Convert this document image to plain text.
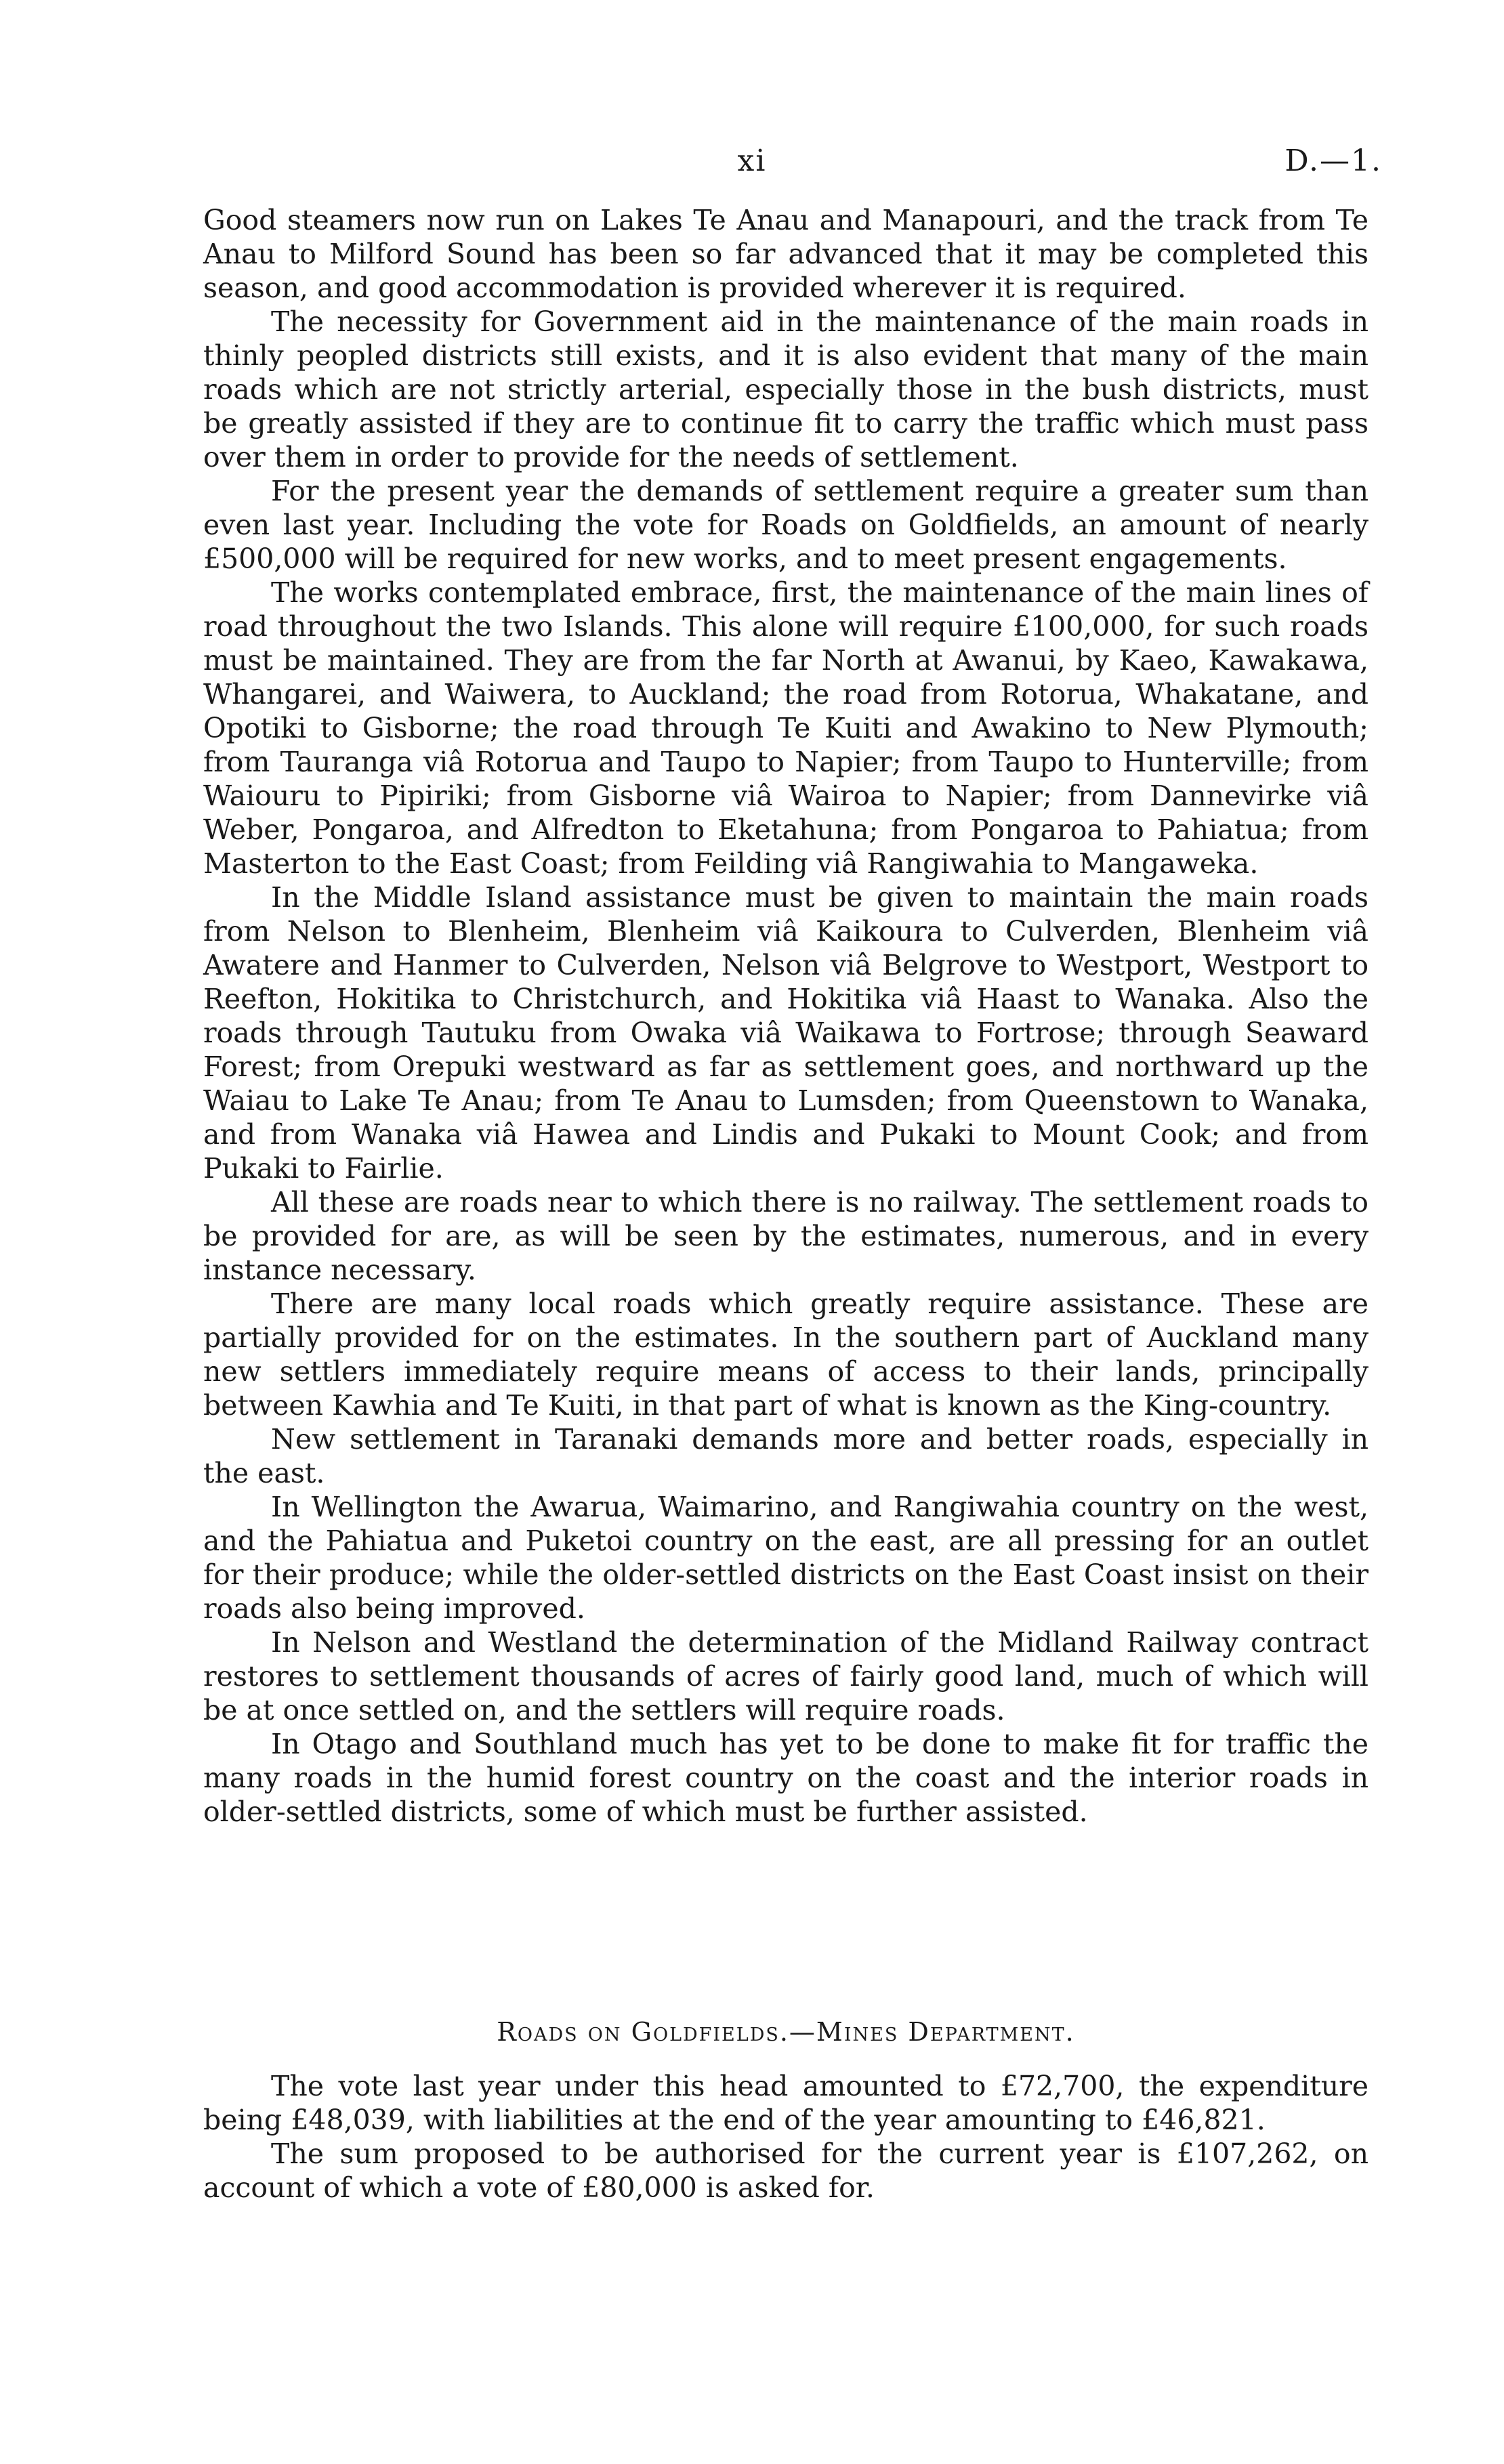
xi	D.—1.

Good steamers now run on Lakes Te Anau and Manapouri, and the track from Te Anau to Milford Sound has been so far advanced that it may be completed this season, and good accommodation is provided wherever it is required.

The necessity for Government aid in the maintenance of the main roads in thinly peopled districts still exists, and it is also evident that many of the main roads which are not strictly arterial, especially those in the bush districts, must be greatly assisted if they are to continue fit to carry the traffic which must pass over them in order to provide for the needs of settlement.

For the present year the demands of settlement require a greater sum than even last year. Including the vote for Roads on Goldfields, an amount of nearly £500,000 will be required for new works, and to meet present engagements.

The works contemplated embrace, first, the maintenance of the main lines of road throughout the two Islands. This alone will require £100,000, for such roads must be maintained. They are from the far North at Awanui, by Kaeo, Kawakawa, Whangarei, and Waiwera, to Auckland; the road from Rotorua, Whakatane, and Opotiki to Gisborne; the road through Te Kuiti and Awakino to New Plymouth; from Tauranga viâ Rotorua and Taupo to Napier; from Taupo to Hunterville; from Waiouru to Pipiriki; from Gisborne viâ Wairoa to Napier; from Dannevirke viâ Weber, Pongaroa, and Alfredton to Eketahuna; from Pongaroa to Pahiatua; from Masterton to the East Coast; from Feilding viâ Rangiwahia to Mangaweka.

In the Middle Island assistance must be given to maintain the main roads from Nelson to Blenheim, Blenheim viâ Kaikoura to Culverden, Blenheim viâ Awatere and Hanmer to Culverden, Nelson viâ Belgrove to Westport, Westport to Reefton, Hokitika to Christchurch, and Hokitika viâ Haast to Wanaka. Also the roads through Tautuku from Owaka viâ Waikawa to Fortrose; through Seaward Forest; from Orepuki westward as far as settlement goes, and northward up the Waiau to Lake Te Anau; from Te Anau to Lumsden; from Queenstown to Wanaka, and from Wanaka viâ Hawea and Lindis and Pukaki to Mount Cook; and from Pukaki to Fairlie.

All these are roads near to which there is no railway. The settlement roads to be provided for are, as will be seen by the estimates, numerous, and in every instance necessary.

There are many local roads which greatly require assistance. These are partially provided for on the estimates. In the southern part of Auckland many new settlers immediately require means of access to their lands, principally between Kawhia and Te Kuiti, in that part of what is known as the King-country.

New settlement in Taranaki demands more and better roads, especially in the east.

In Wellington the Awarua, Waimarino, and Rangiwahia country on the west, and the Pahiatua and Puketoi country on the east, are all pressing for an outlet for their produce; while the older-settled districts on the East Coast insist on their roads also being improved.

In Nelson and Westland the determination of the Midland Railway contract restores to settlement thousands of acres of fairly good land, much of which will be at once settled on, and the settlers will require roads.

In Otago and Southland much has yet to be done to make fit for traffic the many roads in the humid forest country on the coast and the interior roads in older-settled districts, some of which must be further assisted.

Roads on Goldfields.—Mines Department.

The vote last year under this head amounted to £72,700, the expenditure being £48,039, with liabilities at the end of the year amounting to £46,821.

The sum proposed to be authorised for the current year is £107,262, on account of which a vote of £80,000 is asked for.
